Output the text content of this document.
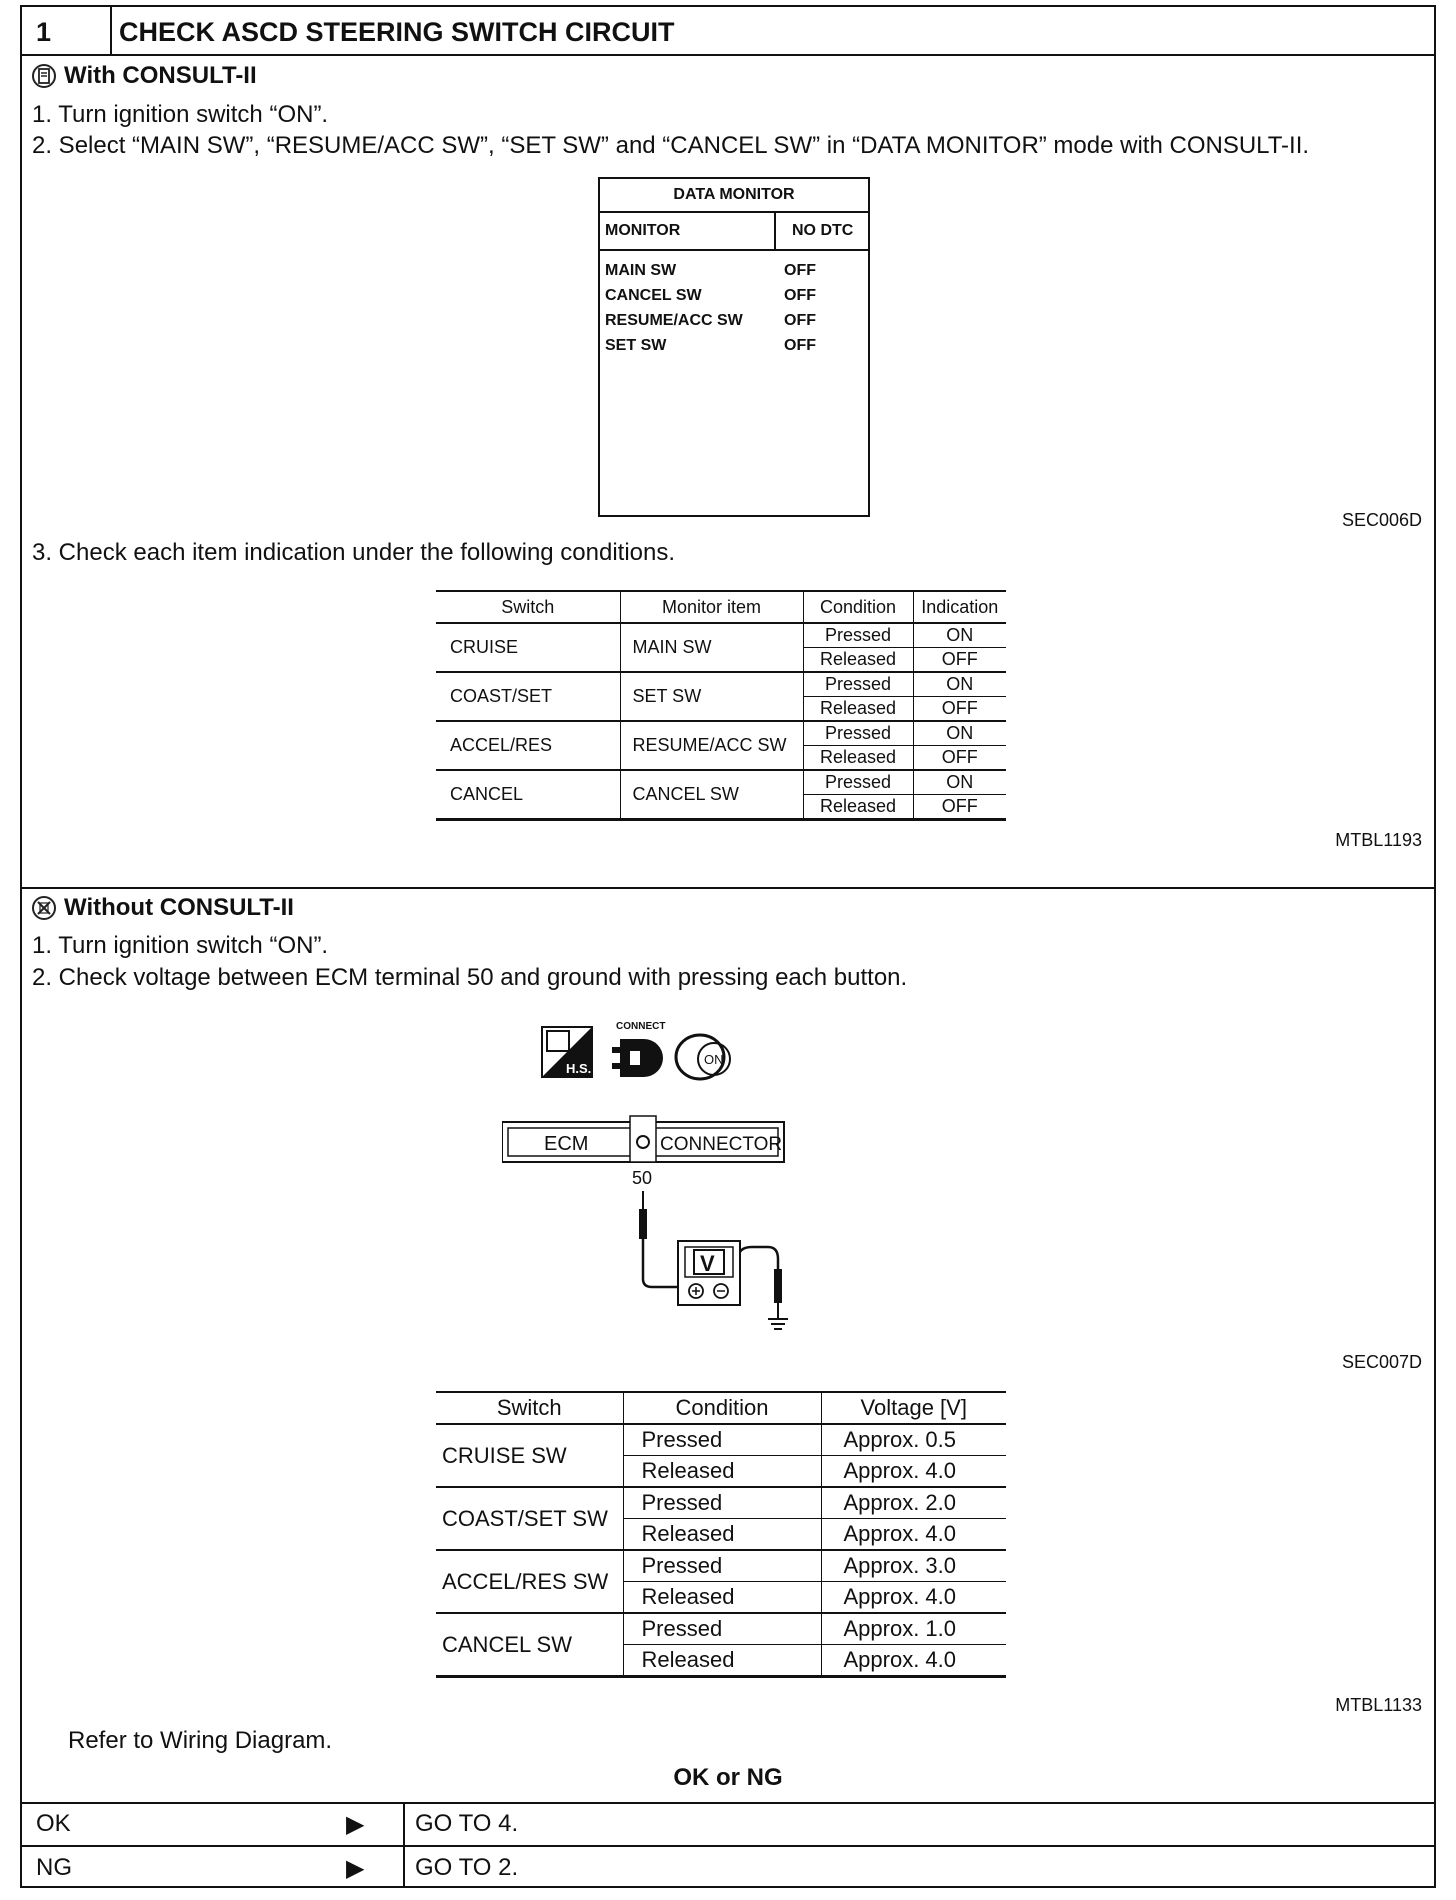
1	CHECK ASCD STEERING SWITCH CIRCUIT
With CONSULT-II
1. Turn ignition switch “ON”.
2. Select “MAIN SW”, “RESUME/ACC SW”, “SET SW” and “CANCEL SW” in “DATA MONITOR” mode with CONSULT-II.
DATA MONITOR
MONITOR	NO DTC
MAIN SW	OFF
CANCEL SW	OFF
RESUME/ACC SW	OFF
SET SW	OFF
SEC006D
3. Check each item indication under the following conditions.
Switch	Monitor item	Condition	Indication
CRUISE	MAIN SW	Pressed	ON
		Released	OFF
COAST/SET	SET SW	Pressed	ON
		Released	OFF
ACCEL/RES	RESUME/ACC SW	Pressed	ON
		Released	OFF
CANCEL	CANCEL SW	Pressed	ON
		Released	OFF
MTBL1193
Without CONSULT-II
1. Turn ignition switch “ON”.
2. Check voltage between ECM terminal 50 and ground with pressing each button.
H.S.
CONNECT
ON
ECM	CONNECTOR
50
V
SEC007D
Switch	Condition	Voltage [V]
CRUISE SW	Pressed	Approx. 0.5
	Released	Approx. 4.0
COAST/SET SW	Pressed	Approx. 2.0
	Released	Approx. 4.0
ACCEL/RES SW	Pressed	Approx. 3.0
	Released	Approx. 4.0
CANCEL SW	Pressed	Approx. 1.0
	Released	Approx. 4.0
MTBL1133
Refer to Wiring Diagram.
OK or NG
OK	▶ GO TO 4.
NG	▶ GO TO 2.
